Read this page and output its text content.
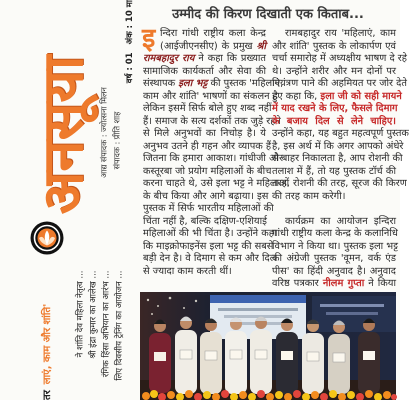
अनसूया	वर्ष : 01
अंक : 10 मा
आद्य संपादक : ज्योत्सना मिलन संपादक : प्रीति शाह
तर
लाएं, काम और शांति'	ने शांति देव महिला नेतृत्व ... श्री इंद्रा कुमार का आलेख ... रंगिक हिंसा अभियान का आरंभ ... लिए दिवसीय ट्रेनिंग का आयोजन ...
उम्मीद की किरण दिखाती एक किताब...
इ न्दिरा गांधी राष्ट्रीय कला केन्द्र
(आईजीएनसीए) के प्रमुख श्री
रामबहादुर राय ने कहा कि प्रख्यात
सामाजिक कार्यकर्ता और सेवा की
संस्थापक इला भट्ट की पुस्तक 'महिलाएं,
काम और शांति' भाषणों का संकलन है
लेकिन इसमें सिर्फ बोले हुए शब्द नहीं
हैं। समाज के सत्य दर्शकों तक जुड़े रहने
से मिले अनुभवों का निचोड़ है। ये
अनुभव उतने ही गहन और व्यापक हैं
जितना कि हमारा आकाश। गांधीजी और
कस्तूरबा जो प्रयोग महिलाओं के बीच
करना चाहते थे, उसे इला भट्ट ने महिलाओं
के बीच किया और आगे बढ़ाया। इस
पुस्तक में सिर्फ भारतीय महिलाओं की
चिंता नहीं है, बल्कि दक्षिण-एशियाई
महिलाओं की भी चिंता है। उन्होंने कहा
कि माइक्रोफाइनेंस इला भट्ट की सबसे
बड़ी देन है। वे दिमाग से कम और दिल
से ज्यादा काम करती थीं।
रामबहादुर राय 'महिलाएं, काम
और शांति' पुस्तक के लोकार्पण एवं
चर्चा समारोह में अध्यक्षीय भाषण दे रहे
थे। उन्होंने शरीर और मन दोनों पर
नियंत्रण पाने की अहमियत पर जोर देते
हुए कहा कि, इला जी को सही मायने
में याद रखने के लिए, फैसले दिमाग
के बजाय दिल से लेने चाहिए।
उन्होंने कहा, यह बहुत महत्वपूर्ण पुस्तक
है, इस अर्थ में कि अगर आपको अंधेरे
से बाहर निकालता है, आप रोशनी की
तलाश में हैं, तो यह पुस्तक टॉर्च की
तरह, रोशनी की तरह, सूरज की किरण
की तरह काम करेगी।
कार्यक्रम का आयोजन इन्दिरा
गांधी राष्ट्रीय कला केन्द्र के कलानिधि
विभाग ने किया था। पुस्तक इला भट्ट
की अंग्रेजी पुस्तक 'वूमन, वर्क एंड
पीस' का हिंदी अनुवाद है। अनुवाद
वरिष्ठ पत्रकार नीलम गुप्ता ने किया
